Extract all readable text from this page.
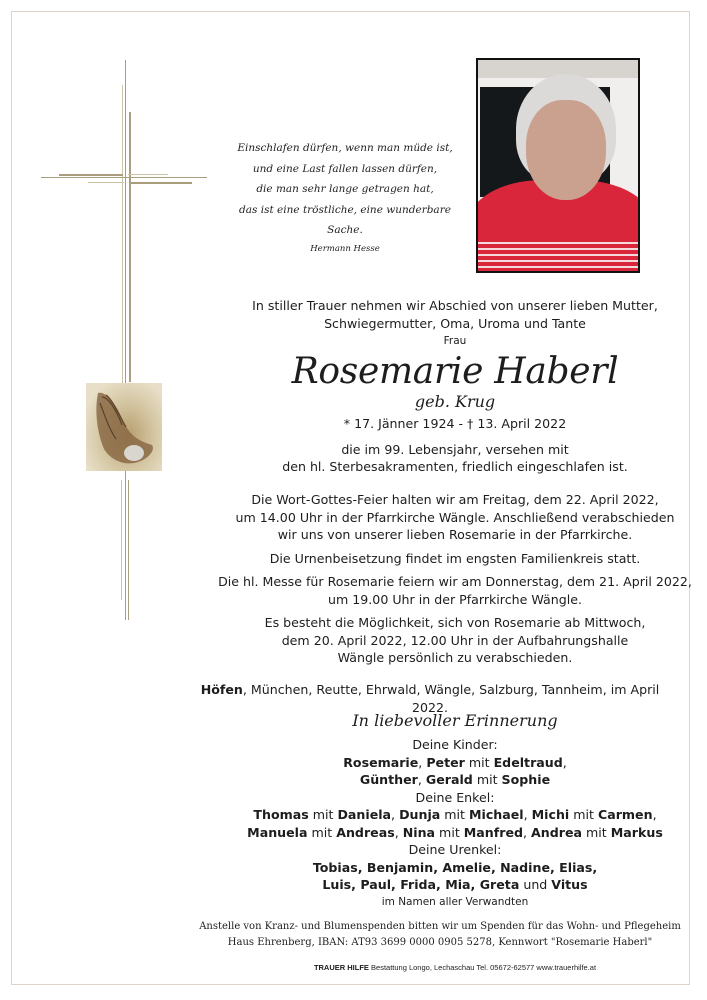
Einschlafen dürfen, wenn man müde ist,
und eine Last fallen lassen dürfen,
die man sehr lange getragen hat,
das ist eine tröstliche, eine wunderbare Sache.
Hermann Hesse
In stiller Trauer nehmen wir Abschied von unserer lieben Mutter,
Schwiegermutter, Oma, Uroma und Tante
Frau
Rosemarie Haberl
geb. Krug
* 17. Jänner 1924 - † 13. April 2022
die im 99. Lebensjahr, versehen mit
den hl. Sterbesakramenten, friedlich eingeschlafen ist.
Die Wort-Gottes-Feier halten wir am Freitag, dem 22. April 2022,
um 14.00 Uhr in der Pfarrkirche Wängle. Anschließend verabschieden
wir uns von unserer lieben Rosemarie in der Pfarrkirche.
Die Urnenbeisetzung findet im engsten Familienkreis statt.
Die hl. Messe für Rosemarie feiern wir am Donnerstag, dem 21. April 2022,
um 19.00 Uhr in der Pfarrkirche Wängle.
Es besteht die Möglichkeit, sich von Rosemarie ab Mittwoch,
dem 20. April 2022, 12.00 Uhr in der Aufbahrungshalle
Wängle persönlich zu verabschieden.
Höfen, München, Reutte, Ehrwald, Wängle, Salzburg, Tannheim, im April 2022.
In liebevoller Erinnerung
Deine Kinder:
Rosemarie, Peter mit Edeltraud,
Günther, Gerald mit Sophie
Deine Enkel:
Thomas mit Daniela, Dunja mit Michael, Michi mit Carmen,
Manuela mit Andreas, Nina mit Manfred, Andrea mit Markus
Deine Urenkel:
Tobias, Benjamin, Amelie, Nadine, Elias,
Luis, Paul, Frida, Mia, Greta und Vitus
im Namen aller Verwandten
Anstelle von Kranz- und Blumenspenden bitten wir um Spenden für das Wohn- und Pflegeheim
Haus Ehrenberg, IBAN: AT93 3699 0000 0905 5278, Kennwort "Rosemarie Haberl"
TRAUER HILFE Bestattung Longo, Lechaschau Tel. 05672-62577 www.trauerhilfe.at
